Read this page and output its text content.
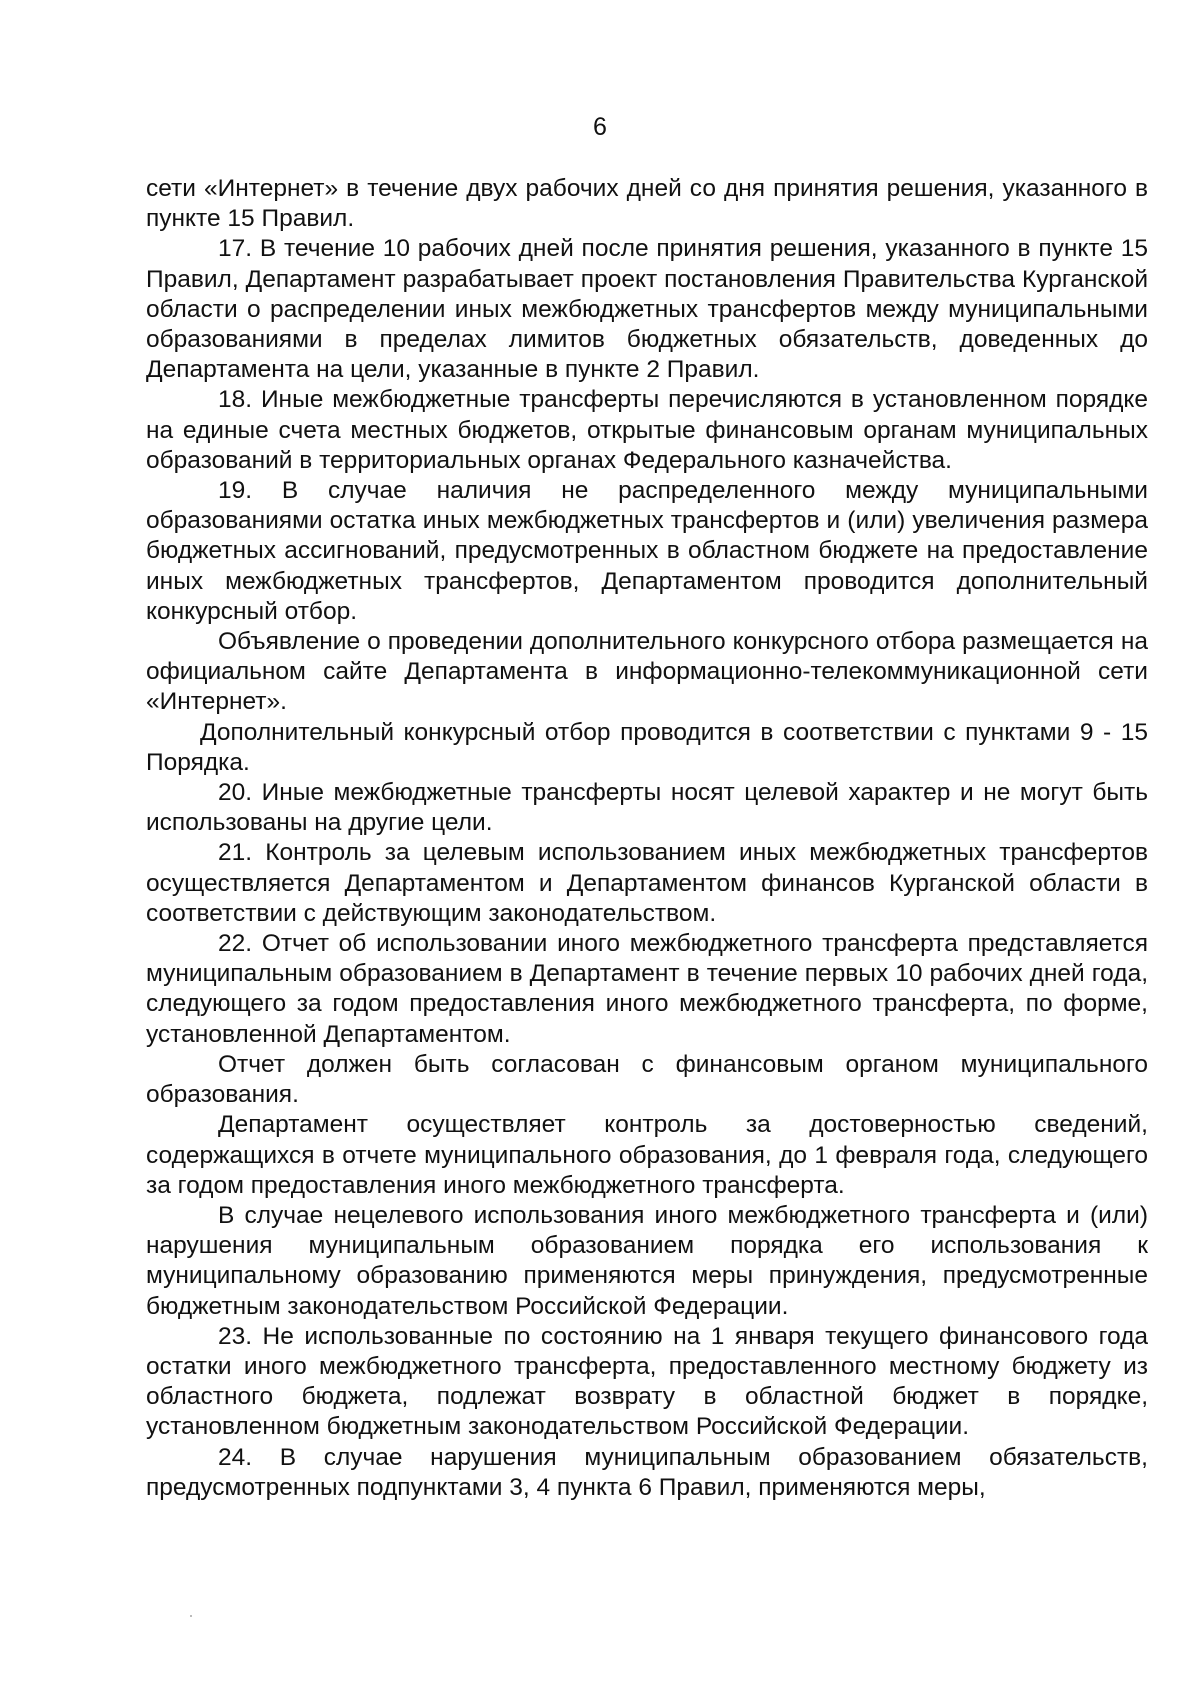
6

сети «Интернет» в течение двух рабочих дней со дня принятия решения, указанного в пункте 15 Правил.

17. В течение 10 рабочих дней после принятия решения, указанного в пункте 15 Правил, Департамент разрабатывает проект постановления Правительства Курганской области о распределении иных межбюджетных трансфертов между муниципальными образованиями в пределах лимитов бюджетных обязательств, доведенных до Департамента на цели, указанные в пункте 2 Правил.

18. Иные межбюджетные трансферты перечисляются в установленном порядке на единые счета местных бюджетов, открытые финансовым органам муниципальных образований в территориальных органах Федерального казначейства.

19. В случае наличия не распределенного между муниципальными образованиями остатка иных межбюджетных трансфертов и (или) увеличения размера бюджетных ассигнований, предусмотренных в областном бюджете на предоставление иных межбюджетных трансфертов, Департаментом проводится дополнительный конкурсный отбор.

Объявление о проведении дополнительного конкурсного отбора размещается на официальном сайте Департамента в информационно-телекоммуникационной сети «Интернет».

Дополнительный конкурсный отбор проводится в соответствии с пунктами 9 - 15 Порядка.

20. Иные межбюджетные трансферты носят целевой характер и не могут быть использованы на другие цели.

21. Контроль за целевым использованием иных межбюджетных трансфертов осуществляется Департаментом и Департаментом финансов Курганской области в соответствии с действующим законодательством.

22. Отчет об использовании иного межбюджетного трансферта представляется муниципальным образованием в Департамент в течение первых 10 рабочих дней года, следующего за годом предоставления иного межбюджетного трансферта, по форме, установленной Департаментом.

Отчет должен быть согласован с финансовым органом муниципального образования.

Департамент осуществляет контроль за достоверностью сведений, содержащихся в отчете муниципального образования, до 1 февраля года, следующего за годом предоставления иного межбюджетного трансферта.

В случае нецелевого использования иного межбюджетного трансферта и (или) нарушения муниципальным образованием порядка его использования к муниципальному образованию применяются меры принуждения, предусмотренные бюджетным законодательством Российской Федерации.

23. Не использованные по состоянию на 1 января текущего финансового года остатки иного межбюджетного трансферта, предоставленного местному бюджету из областного бюджета, подлежат возврату в областной бюджет в порядке, установленном бюджетным законодательством Российской Федерации.

24. В случае нарушения муниципальным образованием обязательств, предусмотренных подпунктами 3, 4 пункта 6 Правил, применяются меры,
